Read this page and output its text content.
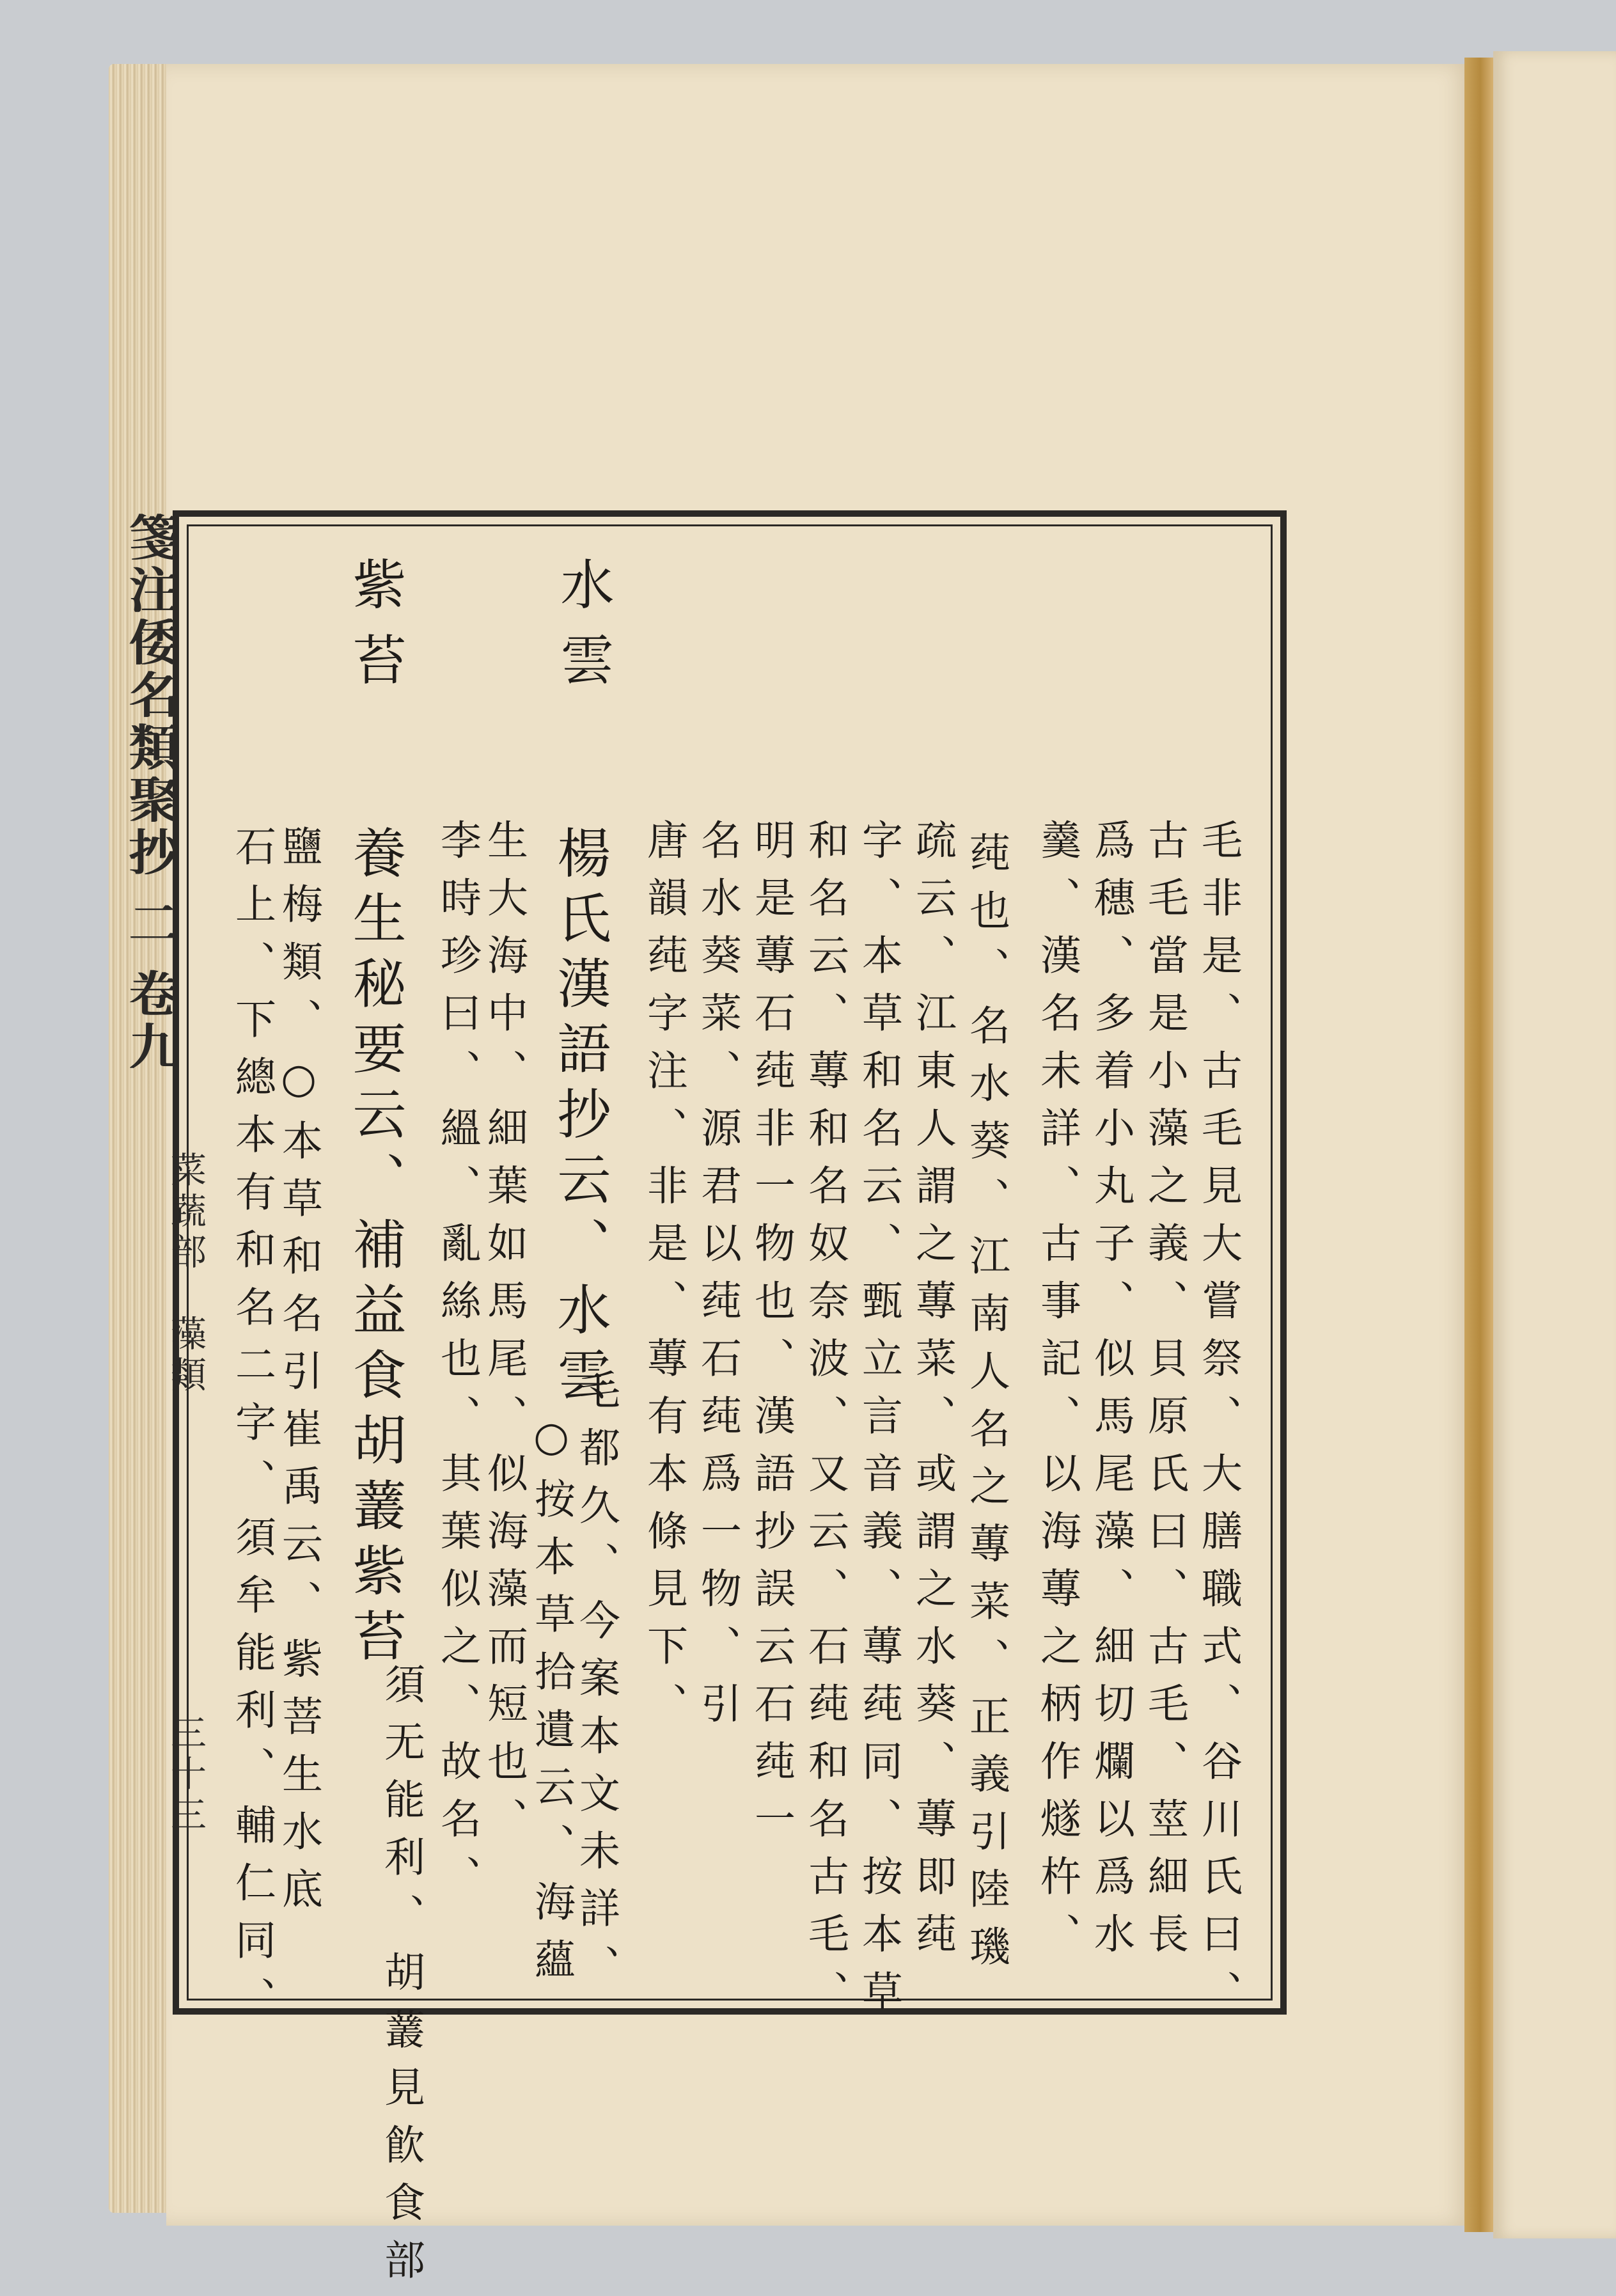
箋注倭名類聚抄 二 卷九
菜蔬部　藻類
三十三	毛非是、古毛見大嘗祭、大膳職式、谷川氏曰、
古毛當是小藻之義、貝原氏曰、古毛、莖細長
爲穗、多着小丸子、似馬尾藻、細切爛以爲水
羹、漢名未詳、古事記、以海蓴之柄作燧杵、
莼也、名水葵、江南人名之蓴菜、正義引陸璣
疏云、江東人謂之蓴菜、或謂之水葵、蓴即莼
字、本草和名云、甄立言音義、蓴莼同、按本草
和名云、蓴和名奴奈波、又云、石莼和名古毛、
明是蓴石莼非一物也、漢語抄誤云石莼一
名水葵菜、源君以莼石莼爲一物、引
唐韻莼字注、非是、蓴有本條見下、
水雲
楊氏漢語抄云、水雲
毛都久、今案本文未詳、
○按本草拾遺云、海蘊
紫苔
養生秘要云、補益食胡䕺紫苔
須无能利、胡䕺見飮食部
生大海中、細葉如馬尾、似海藻而短也、
李時珍曰、縕、亂絲也、其葉似之、故名、
鹽梅類、○本草和名引崔禹云、紫菩生水底
石上、下總本有和名二字、須牟能利、輔仁同、
